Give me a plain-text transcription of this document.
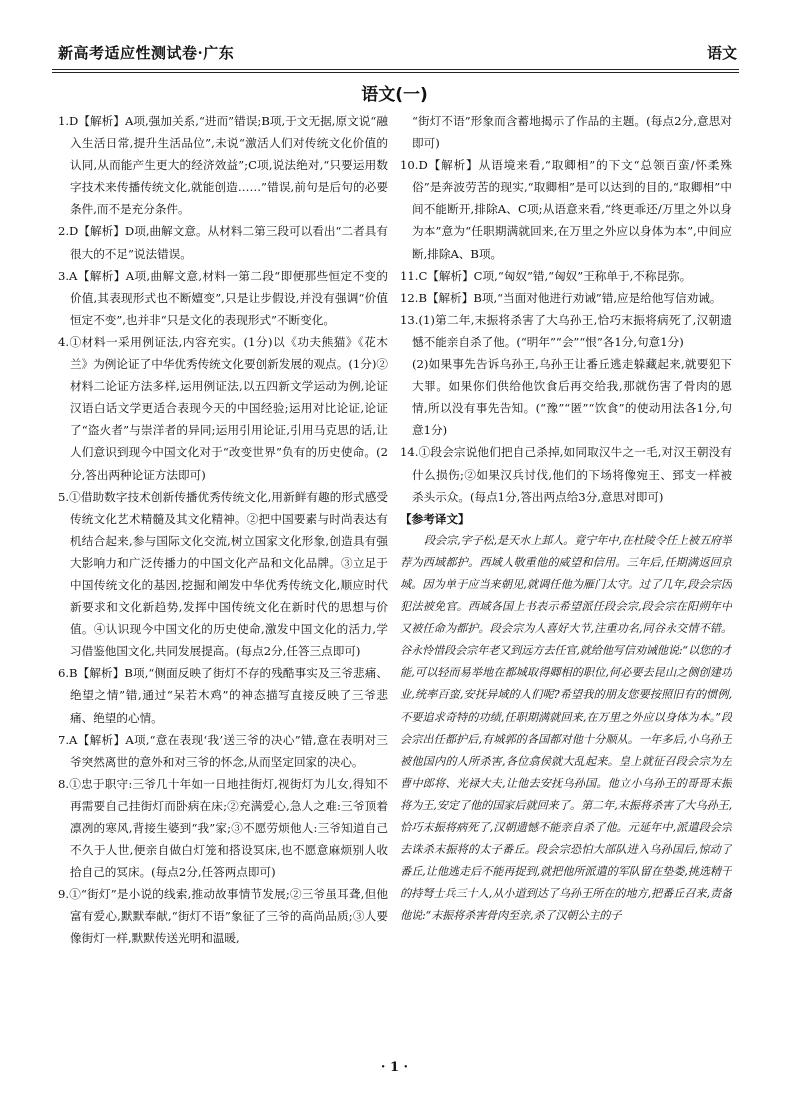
新高考适应性测试卷·广东	语文
语文(一)

1.D【解析】A项,强加关系,“进而”错误;B项,于文无据,原文说“融入生活日常,提升生活品位”,未说“激活人们对传统文化价值的认同,从而能产生更大的经济效益”;C项,说法绝对,“只要运用数字技术来传播传统文化,就能创造……”错误,前句是后句的必要条件,而不是充分条件。

2.D【解析】D项,曲解文意。从材料二第三段可以看出“二者具有很大的不足”说法错误。

3.A【解析】A项,曲解文意,材料一第二段“即便那些恒定不变的价值,其表现形式也不断嬗变”,只是让步假设,并没有强调“价值恒定不变”,也并非“只是文化的表现形式”不断变化。

4.①材料一采用例证法,内容充实。(1分)以《功夫熊猫》《花木兰》为例论证了中华优秀传统文化要创新发展的观点。(1分)②材料二论证方法多样,运用例证法,以五四新文学运动为例,论证汉语白话文学更适合表现今天的中国经验;运用对比论证,论证了“盗火者”与崇洋者的异同;运用引用论证,引用马克思的话,让人们意识到现今中国文化对于“改变世界”负有的历史使命。(2分,答出两种论证方法即可)

5.①借助数字技术创新传播优秀传统文化,用新鲜有趣的形式感受传统文化艺术精髓及其文化精神。②把中国要素与时尚表达有机结合起来,参与国际文化交流,树立国家文化形象,创造具有强大影响力和广泛传播力的中国文化产品和文化品牌。③立足于中国传统文化的基因,挖掘和阐发中华优秀传统文化,顺应时代新要求和文化新趋势,发挥中国传统文化在新时代的思想与价值。④认识现今中国文化的历史使命,激发中国文化的活力,学习借鉴他国文化,共同发展提高。(每点2分,任答三点即可)

6.B【解析】B项,“侧面反映了街灯不存的残酷事实及三爷悲痛、绝望之情”错,通过“呆若木鸡”的神态描写直接反映了三爷悲痛、绝望的心情。

7.A【解析】A项,“意在表现‘我’送三爷的决心”错,意在表明对三爷突然离世的意外和对三爷的怀念,从而坚定回家的决心。

8.①忠于职守:三爷几十年如一日地挂街灯,视街灯为儿女,得知不再需要自己挂街灯而卧病在床;②充满爱心,急人之难:三爷顶着凛冽的寒风,背接生婆到“我”家;③不愿劳烦他人:三爷知道自己不久于人世,便亲自做白灯笼和搭设冥床,也不愿意麻烦别人收拾自己的冥床。(每点2分,任答两点即可)

9.①“街灯”是小说的线索,推动故事情节发展;②三爷虽耳聋,但他富有爱心,默默奉献,“街灯不语”象征了三爷的高尚品质;③人要像街灯一样,默默传送光明和温暖,

“街灯不语”形象而含蓄地揭示了作品的主题。(每点2分,意思对即可)

10.D【解析】从语境来看,“取卿相”的下文“总领百蛮/怀柔殊俗”是奔波劳苦的现实,“取卿相”是可以达到的目的,“取卿相”中间不能断开,排除A、C项;从语意来看,“终更乖还/万里之外以身为本”意为“任职期满就回来,在万里之外应以身体为本”,中间应断,排除A、B项。

11.C【解析】C项,“匈奴”错,“匈奴”王称单于,不称昆弥。

12.B【解析】B项,“当面对他进行劝诫”错,应是给他写信劝诫。

13.(1)第二年,末振将杀害了大乌孙王,恰巧末振将病死了,汉朝遗憾不能亲自杀了他。(“明年”“会”“恨”各1分,句意1分)

(2)如果事先告诉乌孙王,乌孙王让番丘逃走躲藏起来,就要犯下大罪。如果你们供给他饮食后再交给我,那就伤害了骨肉的恩情,所以没有事先告知。(“豫”“匿”“饮食”的使动用法各1分,句意1分)

14.①段会宗说他们把自己杀掉,如同取汉牛之一毛,对汉王朝没有什么损伤;②如果汉兵讨伐,他们的下场将像宛王、郅支一样被杀头示众。(每点1分,答出两点给3分,意思对即可)

【参考译文】

段会宗,字子松,是天水上邽人。竟宁年中,在杜陵令任上被五府举荐为西域都护。西域人敬重他的威望和信用。三年后,任期满返回京城。因为单于应当来朝见,就调任他为雁门太守。过了几年,段会宗因犯法被免官。西域各国上书表示希望派任段会宗,段会宗在阳朔年中又被任命为都护。段会宗为人喜好大节,注重功名,同谷永交情不错。谷永怜惜段会宗年老又到远方去任官,就给他写信劝诫他说:“以您的才能,可以轻而易举地在都城取得卿相的职位,何必要去昆山之侧创建功业,统率百蛮,安抚异域的人们呢?希望我的朋友您要按照旧有的惯例,不要追求奇特的功绩,任职期满就回来,在万里之外应以身体为本。”段会宗出任都护后,有城郭的各国都对他十分顺从。一年多后,小乌孙王被他国内的人所杀害,各位翕侯就大乱起来。皇上就征召段会宗为左曹中郎将、光禄大夫,让他去安抚乌孙国。他立小乌孙王的哥哥末振将为王,安定了他的国家后就回来了。第二年,末振将杀害了大乌孙王,恰巧末振将病死了,汉朝遗憾不能亲自杀了他。元延年中,派遣段会宗去诛杀末振将的太子番丘。段会宗恐怕大部队进入乌孙国后,惊动了番丘,让他逃走后不能再捉到,就把他所派遣的军队留在垫娄,挑选精干的持弩士兵三十人,从小道到达了乌孙王所在的地方,把番丘召来,责备他说:“末振将杀害骨肉至亲,杀了汉朝公主的子

· 1 ·
